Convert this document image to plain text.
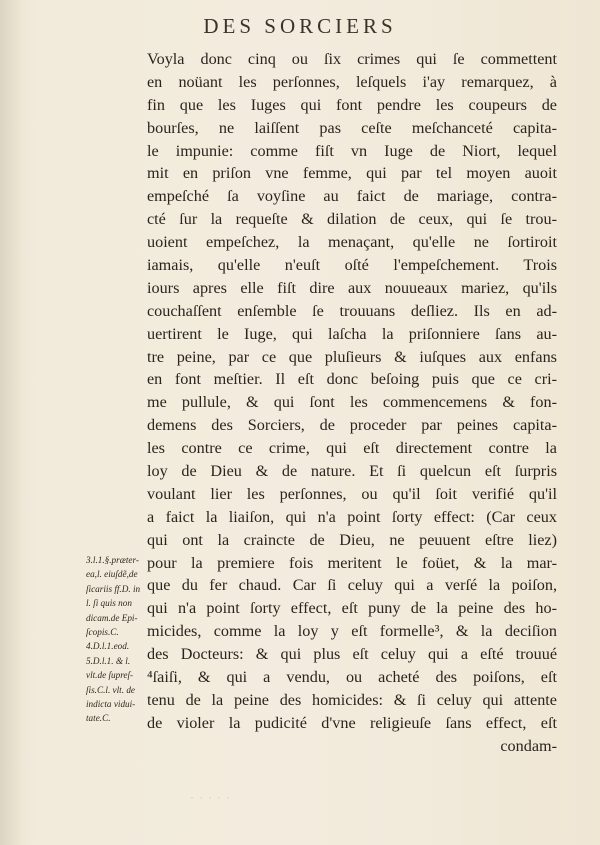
DES SORCIERS
Voyla donc cinq ou ſix crimes qui ſe commettent
en noüant les perſonnes, leſquels i'ay remarquez, à
fin que les Iuges qui font pendre les coupeurs de
bourſes, ne laiſſent pas ceſte meſchanceté capita-
le impunie: comme fiſt vn Iuge de Niort, lequel
mit en priſon vne femme, qui par tel moyen auoit
empeſché ſa voyſine au faict de mariage, contra-
cté ſur la requeſte & dilation de ceux, qui ſe trou-
uoient empeſchez, la menaçant, qu'elle ne ſortiroit
iamais, qu'elle n'euſt oſté l'empeſchement. Trois
iours apres elle fiſt dire aux nouueaux mariez, qu'ils
couchaſſent enſemble ſe trouuans deſliez. Ils en ad-
uertirent le Iuge, qui laſcha la priſonniere ſans au-
tre peine, par ce que pluſieurs & iuſques aux enfans
en font meſtier. Il eſt donc beſoing puis que ce cri-
me pullule, & qui ſont les commencemens & fon-
demens des Sorciers, de proceder par peines capita-
les contre ce crime, qui eſt directement contre la
loy de Dieu & de nature. Et ſi quelcun eſt ſurpris
voulant lier les perſonnes, ou qu'il ſoit verifié qu'il
a faict la liaiſon, qui n'a point ſorty effect: (Car ceux
qui ont la craincte de Dieu, ne peuuent eſtre liez)
pour la premiere fois meritent le foüet, & la mar-
que du fer chaud. Car ſi celuy qui a verſé la poiſon,
qui n'a point ſorty effect, eſt puny de la peine des ho-
micides, comme la loy y eſt formelle³, & la deciſion
des Docteurs: & qui plus eſt celuy qui a eſté trouué
⁴ſaiſi, & qui a vendu, ou acheté des poiſons, eſt
tenu de la peine des homicides: & ſi celuy qui attente
de violer la pudicité d'vne religieuſe ſans effect, eſt
condam-
3.l.1.§.præter-
ea,l. eiuſdẽ,de
ſicariis ff.D. in
l. ſi quis non
dicam.de Epi-
ſcopis.C.
4.D.l.1.eod.
5.D.l.1. & l.
vlt.de ſupreſ-
ſis.C.l. vlt. de
indicta vidui-
tate.C.
· · · · ·
